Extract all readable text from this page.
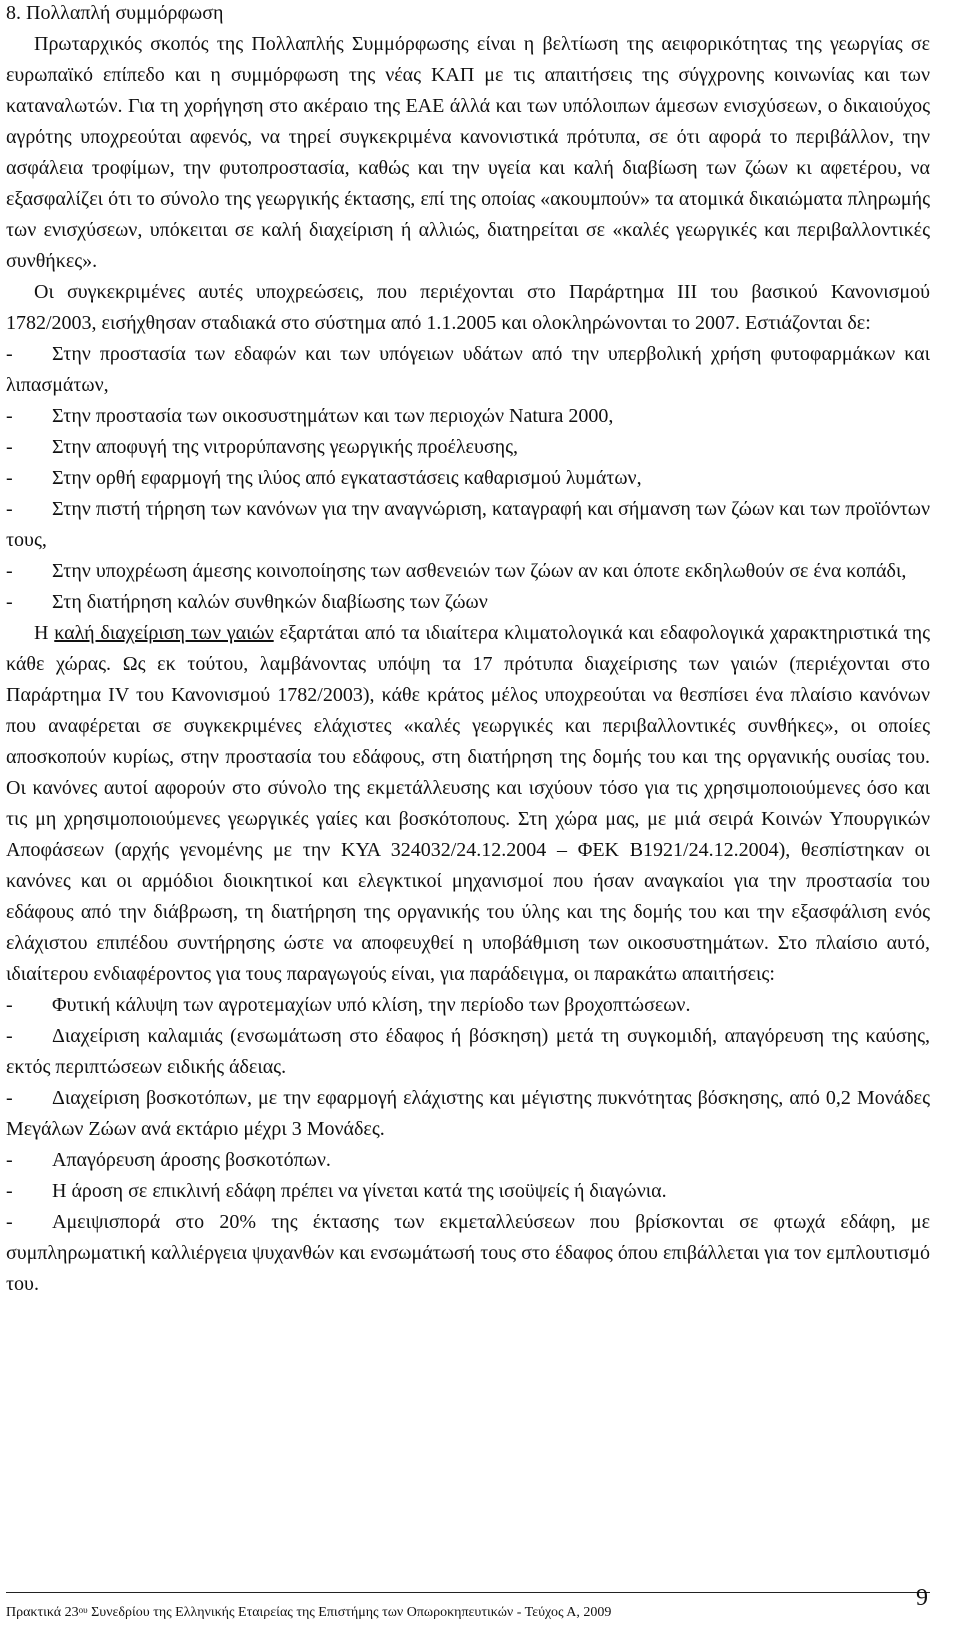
8. Πολλαπλή συμμόρφωση

Πρωταρχικός σκοπός της Πολλαπλής Συμμόρφωσης είναι η βελτίωση της αειφορικότητας της γεωργίας σε ευρωπαϊκό επίπεδο και η συμμόρφωση της νέας ΚΑΠ με τις απαιτήσεις της σύγχρονης κοινωνίας και των καταναλωτών. Για τη χορήγηση στο ακέραιο της ΕΑΕ άλλά και των υπόλοιπων άμεσων ενισχύσεων, ο δικαιούχος αγρότης υποχρεούται αφενός, να τηρεί συγκεκριμένα κανονιστικά πρότυπα, σε ότι αφορά το περιβάλλον, την ασφάλεια τροφίμων, την φυτοπροστασία, καθώς και την υγεία και καλή διαβίωση των ζώων κι αφετέρου, να εξασφαλίζει ότι το σύνολο της γεωργικής έκτασης, επί της οποίας «ακουμπούν» τα ατομικά δικαιώματα πληρωμής των ενισχύσεων, υπόκειται σε καλή διαχείριση ή αλλιώς, διατηρείται σε «καλές γεωργικές και περιβαλλοντικές συνθήκες».

Οι συγκεκριμένες αυτές υποχρεώσεις, που περιέχονται στο Παράρτημα ΙΙΙ του βασικού Κανονισμού 1782/2003, εισήχθησαν σταδιακά στο σύστημα από 1.1.2005 και ολοκληρώνονται το 2007. Εστιάζονται δε:

- Στην προστασία των εδαφών και των υπόγειων υδάτων από την υπερβολική χρήση φυτοφαρμάκων και λιπασμάτων,
- Στην προστασία των οικοσυστημάτων και των περιοχών Natura 2000,
- Στην αποφυγή της νιτρορύπανσης γεωργικής προέλευσης,
- Στην ορθή εφαρμογή της ιλύος από εγκαταστάσεις καθαρισμού λυμάτων,
- Στην πιστή τήρηση των κανόνων για την αναγνώριση, καταγραφή και σήμανση των ζώων και των προϊόντων τους,
- Στην υποχρέωση άμεσης κοινοποίησης των ασθενειών των ζώων αν και όποτε εκδηλωθούν σε ένα κοπάδι,
- Στη διατήρηση καλών συνθηκών διαβίωσης των ζώων

Η καλή διαχείριση των γαιών εξαρτάται από τα ιδιαίτερα κλιματολογικά και εδαφολογικά χαρακτηριστικά της κάθε χώρας. Ως εκ τούτου, λαμβάνοντας υπόψη τα 17 πρότυπα διαχείρισης των γαιών (περιέχονται στο Παράρτημα IV του Κανονισμού 1782/2003), κάθε κράτος μέλος υποχρεούται να θεσπίσει ένα πλαίσιο κανόνων που αναφέρεται σε συγκεκριμένες ελάχιστες «καλές γεωργικές και περιβαλλοντικές συνθήκες», οι οποίες αποσκοπούν κυρίως, στην προστασία του εδάφους, στη διατήρηση της δομής του και της οργανικής ουσίας του. Οι κανόνες αυτοί αφορούν στο σύνολο της εκμετάλλευσης και ισχύουν τόσο για τις χρησιμοποιούμενες όσο και τις μη χρησιμοποιούμενες γεωργικές γαίες και βοσκότοπους. Στη χώρα μας, με μιά σειρά Κοινών Υπουργικών Αποφάσεων (αρχής γενομένης με την ΚΥΑ 324032/24.12.2004 – ΦΕΚ Β1921/24.12.2004), θεσπίστηκαν οι κανόνες και οι αρμόδιοι διοικητικοί και ελεγκτικοί μηχανισμοί που ήσαν αναγκαίοι για την προστασία του εδάφους από την διάβρωση, τη διατήρηση της οργανικής του ύλης και της δομής του και την εξασφάλιση ενός ελάχιστου επιπέδου συντήρησης ώστε να αποφευχθεί η υποβάθμιση των οικοσυστημάτων. Στο πλαίσιο αυτό, ιδιαίτερου ενδιαφέροντος για τους παραγωγούς είναι, για παράδειγμα, οι παρακάτω απαιτήσεις:

- Φυτική κάλυψη των αγροτεμαχίων υπό κλίση, την περίοδο των βροχοπτώσεων.
- Διαχείριση καλαμιάς (ενσωμάτωση στο έδαφος ή βόσκηση) μετά τη συγκομιδή, απαγόρευση της καύσης, εκτός περιπτώσεων ειδικής άδειας.
- Διαχείριση βοσκοτόπων, με την εφαρμογή ελάχιστης και μέγιστης πυκνότητας βόσκησης, από 0,2 Μονάδες Μεγάλων Ζώων ανά εκτάριο μέχρι 3 Μονάδες.
- Απαγόρευση άροσης βοσκοτόπων.
- Η άροση σε επικλινή εδάφη πρέπει να γίνεται κατά της ισοϋψείς ή διαγώνια.
- Αμειψισπορά στο 20% της έκτασης των εκμεταλλεύσεων που βρίσκονται σε φτωχά εδάφη, με συμπληρωματική καλλιέργεια ψυχανθών και ενσωμάτωσή τους στο έδαφος όπου επιβάλλεται για τον εμπλουτισμό του.
Πρακτικά $23^{o\upsilon}$ Συνεδρίου της Ελληνικής Εταιρείας της Επιστήμης των Οπωροκηπευτικών - Τεύχος Α, 2009
9
